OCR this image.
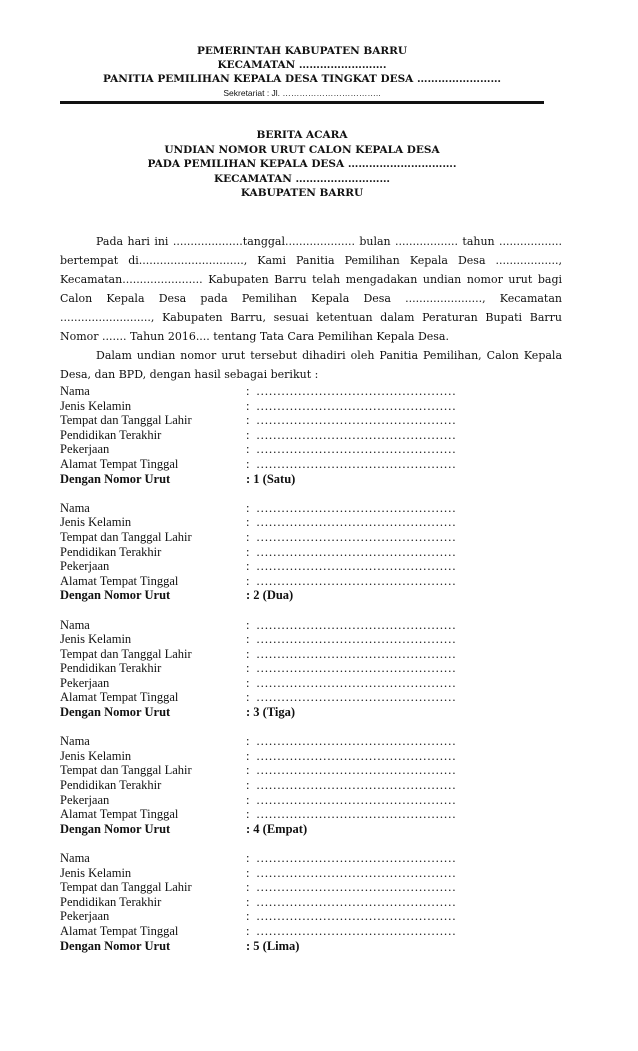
PEMERINTAH KABUPATEN BARRU
KECAMATAN …………………….
PANITIA PEMILIHAN KEPALA DESA TINGKAT DESA ……………………
Sekretariat : Jl. ……………………………..
BERITA ACARA
UNDIAN NOMOR URUT CALON KEPALA DESA
PADA PEMILIHAN KEPALA DESA ………………………….
KECAMATAN ………………………
KABUPATEN BARRU

Pada hari ini ....................tanggal.................... bulan .................. tahun .................. bertempat di.............................., Kami Panitia Pemilihan Kepala Desa .................., Kecamatan....................... Kabupaten Barru telah mengadakan undian nomor urut bagi Calon Kepala Desa pada Pemilihan Kepala Desa ......................, Kecamatan .........................., Kabupaten Barru, sesuai ketentuan dalam Peraturan Bupati Barru Nomor ....... Tahun 2016.... tentang Tata Cara Pemilihan Kepala Desa.

Dalam undian nomor urut tersebut dihadiri oleh Panitia Pemilihan, Calon Kepala Desa, dan BPD, dengan hasil sebagai berikut :

Nama	: …………………………………………
Jenis Kelamin	: …………………………………………
Tempat dan Tanggal Lahir	: …………………………………………
Pendidikan Terakhir	: …………………………………………
Pekerjaan	: …………………………………………
Alamat Tempat Tinggal	: …………………………………………
Dengan Nomor Urut	: 1 (Satu)
Nama	: …………………………………………
Jenis Kelamin	: …………………………………………
Tempat dan Tanggal Lahir	: …………………………………………
Pendidikan Terakhir	: …………………………………………
Pekerjaan	: …………………………………………
Alamat Tempat Tinggal	: …………………………………………
Dengan Nomor Urut	: 2 (Dua)
Nama	: …………………………………………
Jenis Kelamin	: …………………………………………
Tempat dan Tanggal Lahir	: …………………………………………
Pendidikan Terakhir	: …………………………………………
Pekerjaan	: …………………………………………
Alamat Tempat Tinggal	: …………………………………………
Dengan Nomor Urut	: 3 (Tiga)
Nama	: …………………………………………
Jenis Kelamin	: …………………………………………
Tempat dan Tanggal Lahir	: …………………………………………
Pendidikan Terakhir	: …………………………………………
Pekerjaan	: …………………………………………
Alamat Tempat Tinggal	: …………………………………………
Dengan Nomor Urut	: 4 (Empat)
Nama	: …………………………………………
Jenis Kelamin	: …………………………………………
Tempat dan Tanggal Lahir	: …………………………………………
Pendidikan Terakhir	: …………………………………………
Pekerjaan	: …………………………………………
Alamat Tempat Tinggal	: …………………………………………
Dengan Nomor Urut	: 5 (Lima)
